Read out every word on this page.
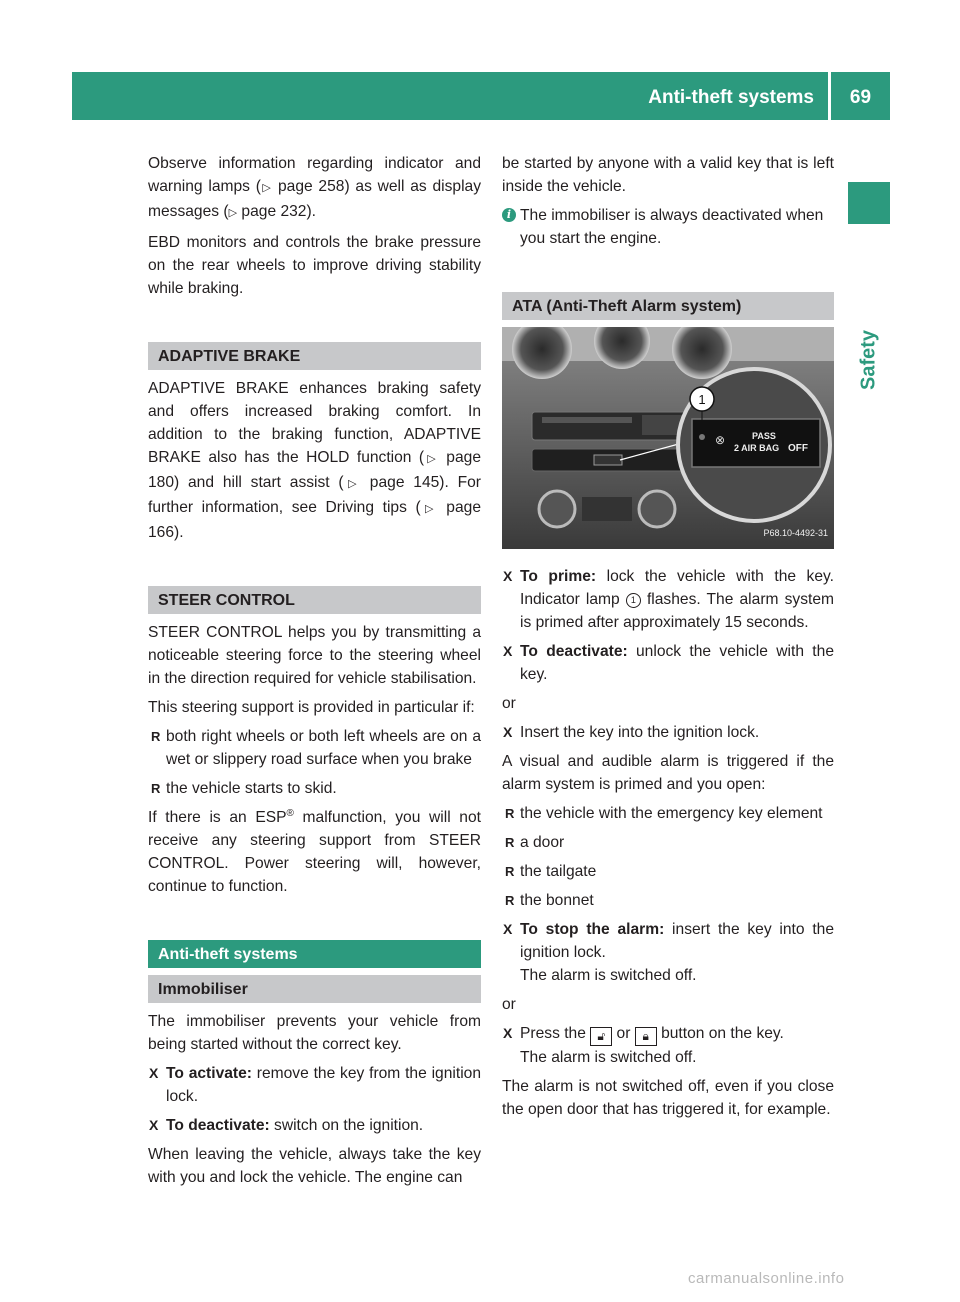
Anti-theft systems	69
Safety

Observe information regarding indicator and warning lamps (▷ page 258) as well as display messages (▷ page 232).

EBD monitors and controls the brake pressure on the rear wheels to improve driving stability while braking.

ADAPTIVE BRAKE

ADAPTIVE BRAKE enhances braking safety and offers increased braking comfort. In addition to the braking function, ADAPTIVE BRAKE also has the HOLD function (▷ page 180) and hill start assist (▷ page 145). For further information, see Driving tips (▷ page 166).

STEER CONTROL

STEER CONTROL helps you by transmitting a noticeable steering force to the steering wheel in the direction required for vehicle stabilisation.

This steering support is provided in particular if:

R both right wheels or both left wheels are on a wet or slippery road surface when you brake
R the vehicle starts to skid.

If there is an ESP® malfunction, you will not receive any steering support from STEER CONTROL. Power steering will, however, continue to function.

Anti-theft systems
Immobiliser

The immobiliser prevents your vehicle from being started without the correct key.

X To activate: remove the key from the ignition lock.
X To deactivate: switch on the ignition.

When leaving the vehicle, always take the key with you and lock the vehicle. The engine can

be started by anyone with a valid key that is left inside the vehicle.

i The immobiliser is always deactivated when you start the engine.
ATA (Anti-Theft Alarm system)
1
⊗	PASS
2 AIR BAG OFF
P68.10-4492-31
X To prime: lock the vehicle with the key. Indicator lamp 1 flashes. The alarm system is primed after approximately 15 seconds.
X To deactivate: unlock the vehicle with the key.

or

X Insert the key into the ignition lock.

A visual and audible alarm is triggered if the alarm system is primed and you open:

R the vehicle with the emergency key element
R a door
R the tailgate
R the bonnet
X To stop the alarm: insert the key into the ignition lock.
The alarm is switched off.

or

X Press the 🔓︎ or 🔒︎ button on the key.
The alarm is switched off.

The alarm is not switched off, even if you close the open door that has triggered it, for example.

carmanualsonline.info
